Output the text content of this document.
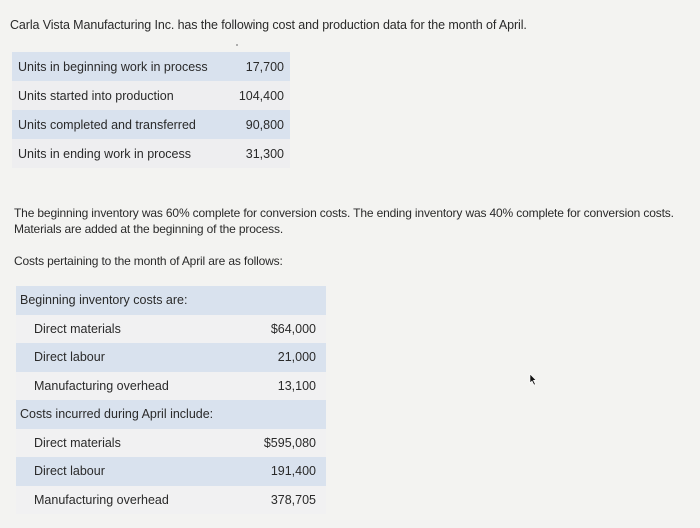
Carla Vista Manufacturing Inc. has the following cost and production data for the month of April.
Units in beginning work in process	17,700
Units started into production	104,400
Units completed and transferred	90,800
Units in ending work in process	31,300
The beginning inventory was 60% complete for conversion costs. The ending inventory was 40% complete for conversion costs. Materials are added at the beginning of the process.
Costs pertaining to the month of April are as follows:
Beginning inventory costs are:	
Direct materials	$64,000
Direct labour	21,000
Manufacturing overhead	13,100
Costs incurred during April include:	
Direct materials	$595,080
Direct labour	191,400
Manufacturing overhead	378,705
